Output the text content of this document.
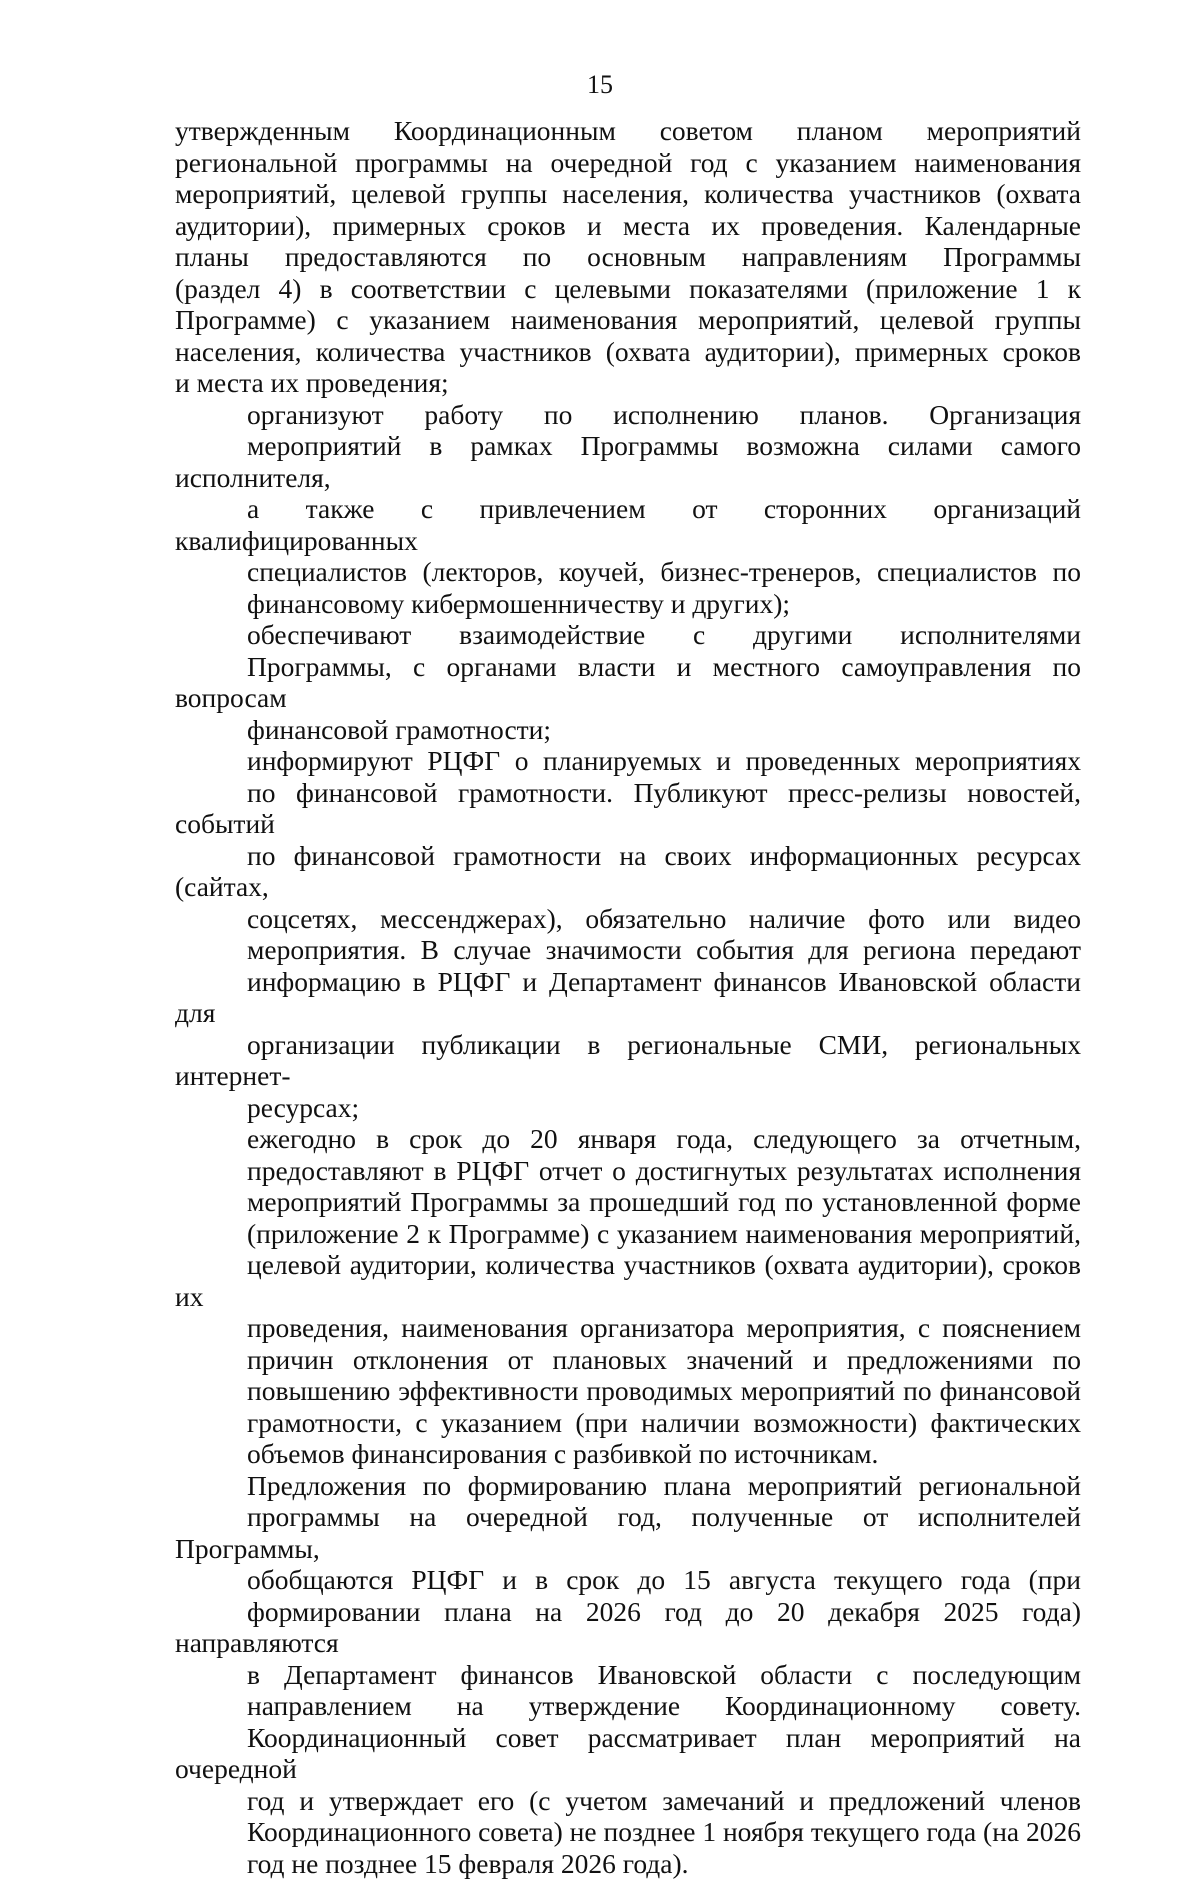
15
утвержденным Координационным советом планом мероприятий
региональной программы на очередной год с указанием наименования
мероприятий, целевой группы населения, количества участников (охвата
аудитории), примерных сроков и места их проведения. Календарные
планы предоставляются по основным направлениям Программы
(раздел 4) в соответствии с целевыми показателями (приложение 1 к
Программе) с указанием наименования мероприятий, целевой группы
населения, количества участников (охвата аудитории), примерных сроков
и места их проведения;
организуют работу по исполнению планов. Организация
мероприятий в рамках Программы возможна силами самого исполнителя,
а также с привлечением от сторонних организаций квалифицированных
специалистов (лекторов, коучей, бизнес-тренеров, специалистов по
финансовому кибермошенничеству и других);
обеспечивают взаимодействие с другими исполнителями
Программы, с органами власти и местного самоуправления по вопросам
финансовой грамотности;
информируют РЦФГ о планируемых и проведенных мероприятиях
по финансовой грамотности. Публикуют пресс-релизы новостей, событий
по финансовой грамотности на своих информационных ресурсах (сайтах,
соцсетях, мессенджерах), обязательно наличие фото или видео
мероприятия. В случае значимости события для региона передают
информацию в РЦФГ и Департамент финансов Ивановской области для
организации публикации в региональные СМИ, региональных интернет-
ресурсах;
ежегодно в срок до 20 января года, следующего за отчетным,
предоставляют в РЦФГ отчет о достигнутых результатах исполнения
мероприятий Программы за прошедший год по установленной форме
(приложение 2 к Программе) с указанием наименования мероприятий,
целевой аудитории, количества участников (охвата аудитории), сроков их
проведения, наименования организатора мероприятия, с пояснением
причин отклонения от плановых значений и предложениями по
повышению эффективности проводимых мероприятий по финансовой
грамотности, с указанием (при наличии возможности) фактических
объемов финансирования с разбивкой по источникам.
Предложения по формированию плана мероприятий региональной
программы на очередной год, полученные от исполнителей Программы,
обобщаются РЦФГ и в срок до 15 августа текущего года (при
формировании плана на 2026 год до 20 декабря 2025 года) направляются
в Департамент финансов Ивановской области с последующим
направлением на утверждение Координационному совету.
Координационный совет рассматривает план мероприятий на очередной
год и утверждает его (с учетом замечаний и предложений членов
Координационного совета) не позднее 1 ноября текущего года (на 2026
год не позднее 15 февраля 2026 года).
